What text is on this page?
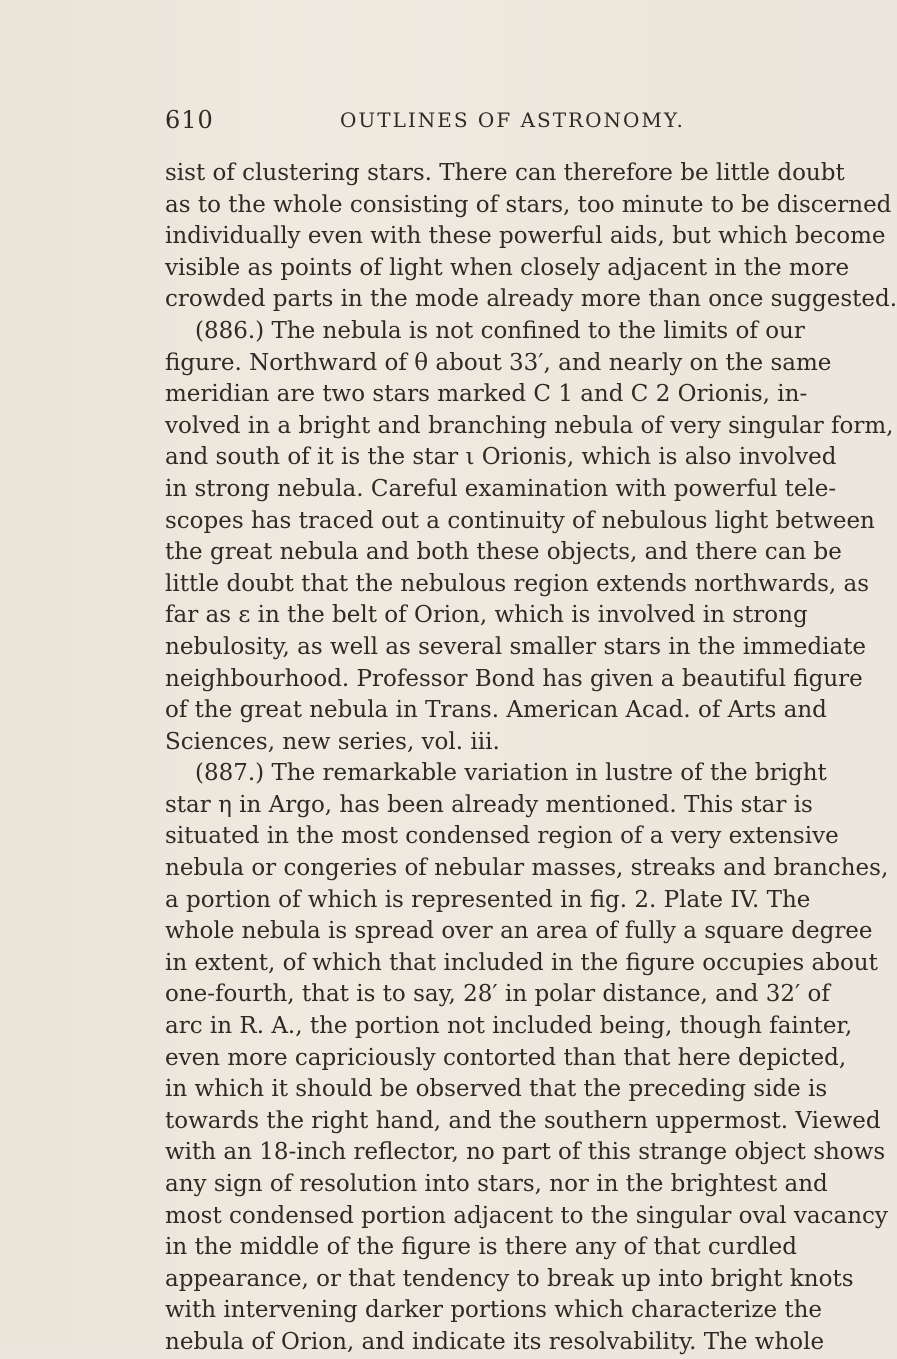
610	OUTLINES OF ASTRONOMY.
sist of clustering stars. There can therefore be little doubt
as to the whole consisting of stars, too minute to be discerned
individually even with these powerful aids, but which become
visible as points of light when closely adjacent in the more
crowded parts in the mode already more than once suggested.
(886.) The nebula is not confined to the limits of our
figure. Northward of θ about 33′, and nearly on the same
meridian are two stars marked C 1 and C 2 Orionis, in-
volved in a bright and branching nebula of very singular form,
and south of it is the star ι Orionis, which is also involved
in strong nebula. Careful examination with powerful tele-
scopes has traced out a continuity of nebulous light between
the great nebula and both these objects, and there can be
little doubt that the nebulous region extends northwards, as
far as ε in the belt of Orion, which is involved in strong
nebulosity, as well as several smaller stars in the immediate
neighbourhood. Professor Bond has given a beautiful figure
of the great nebula in Trans. American Acad. of Arts and
Sciences, new series, vol. iii.
(887.) The remarkable variation in lustre of the bright
star η in Argo, has been already mentioned. This star is
situated in the most condensed region of a very extensive
nebula or congeries of nebular masses, streaks and branches,
a portion of which is represented in fig. 2. Plate IV. The
whole nebula is spread over an area of fully a square degree
in extent, of which that included in the figure occupies about
one-fourth, that is to say, 28′ in polar distance, and 32′ of
arc in R. A., the portion not included being, though fainter,
even more capriciously contorted than that here depicted,
in which it should be observed that the preceding side is
towards the right hand, and the southern uppermost. Viewed
with an 18-inch reflector, no part of this strange object shows
any sign of resolution into stars, nor in the brightest and
most condensed portion adjacent to the singular oval vacancy
in the middle of the figure is there any of that curdled
appearance, or that tendency to break up into bright knots
with intervening darker portions which characterize the
nebula of Orion, and indicate its resolvability. The whole
